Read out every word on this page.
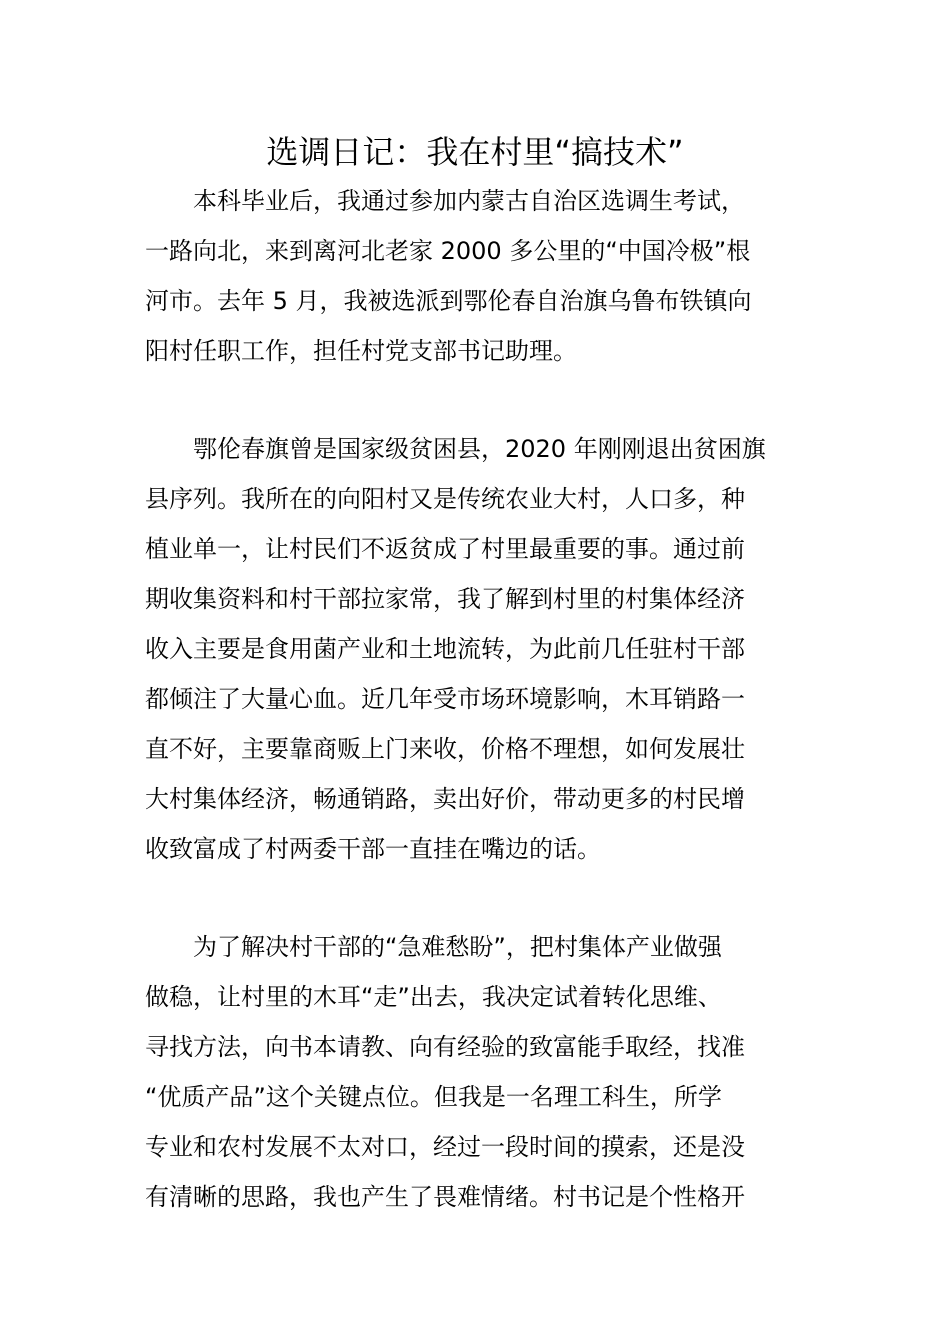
选调日记：我在村里“搞技术”
　　本科毕业后，我通过参加内蒙古自治区选调生考试，
一路向北，来到离河北老家 2000 多公里的“中国冷极”根
河市。去年 5 月，我被选派到鄂伦春自治旗乌鲁布铁镇向
阳村任职工作，担任村党支部书记助理。
　　鄂伦春旗曾是国家级贫困县，2020 年刚刚退出贫困旗
县序列。我所在的向阳村又是传统农业大村，人口多，种
植业单一，让村民们不返贫成了村里最重要的事。通过前
期收集资料和村干部拉家常，我了解到村里的村集体经济
收入主要是食用菌产业和土地流转，为此前几任驻村干部
都倾注了大量心血。近几年受市场环境影响，木耳销路一
直不好，主要靠商贩上门来收，价格不理想，如何发展壮
大村集体经济，畅通销路，卖出好价，带动更多的村民增
收致富成了村两委干部一直挂在嘴边的话。
　　为了解决村干部的“急难愁盼”，把村集体产业做强
做稳，让村里的木耳“走”出去，我决定试着转化思维、
寻找方法，向书本请教、向有经验的致富能手取经，找准
“优质产品”这个关键点位。但我是一名理工科生，所学
专业和农村发展不太对口，经过一段时间的摸索，还是没
有清晰的思路，我也产生了畏难情绪。村书记是个性格开
